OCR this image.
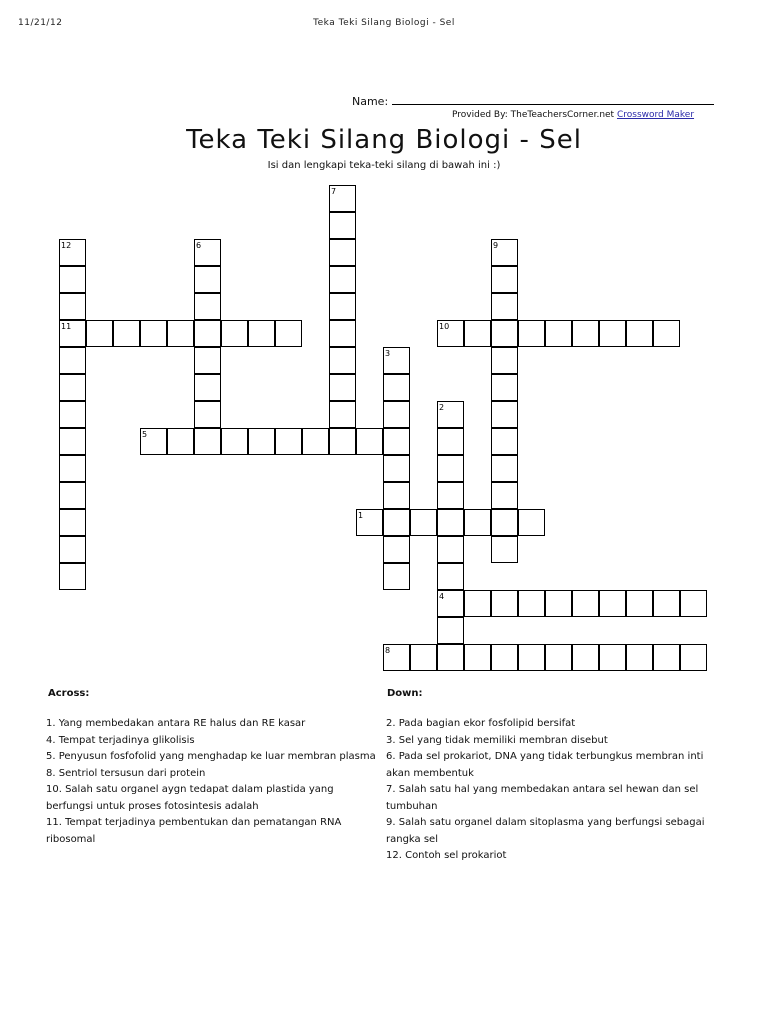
11/21/12	Teka Teki Silang Biologi - Sel
Name:
Provided By: TheTeachersCorner.net Crossword Maker
Teka Teki Silang Biologi - Sel
Isi dan lengkapi teka-teki silang di bawah ini :)
1
4
5
8
10
11
2
3
6
7
9
12
Across:	Down:
1. Yang membedakan antara RE halus dan RE kasar
4. Tempat terjadinya glikolisis
5. Penyusun fosfofolid yang menghadap ke luar membran plasma
8. Sentriol tersusun dari protein
10. Salah satu organel aygn tedapat dalam plastida yang berfungsi untuk proses fotosintesis adalah
11. Tempat terjadinya pembentukan dan pematangan RNA ribosomal
2. Pada bagian ekor fosfolipid bersifat
3. Sel yang tidak memiliki membran disebut
6. Pada sel prokariot, DNA yang tidak terbungkus membran inti akan membentuk
7. Salah satu hal yang membedakan antara sel hewan dan sel tumbuhan
9. Salah satu organel dalam sitoplasma yang berfungsi sebagai rangka sel
12. Contoh sel prokariot
